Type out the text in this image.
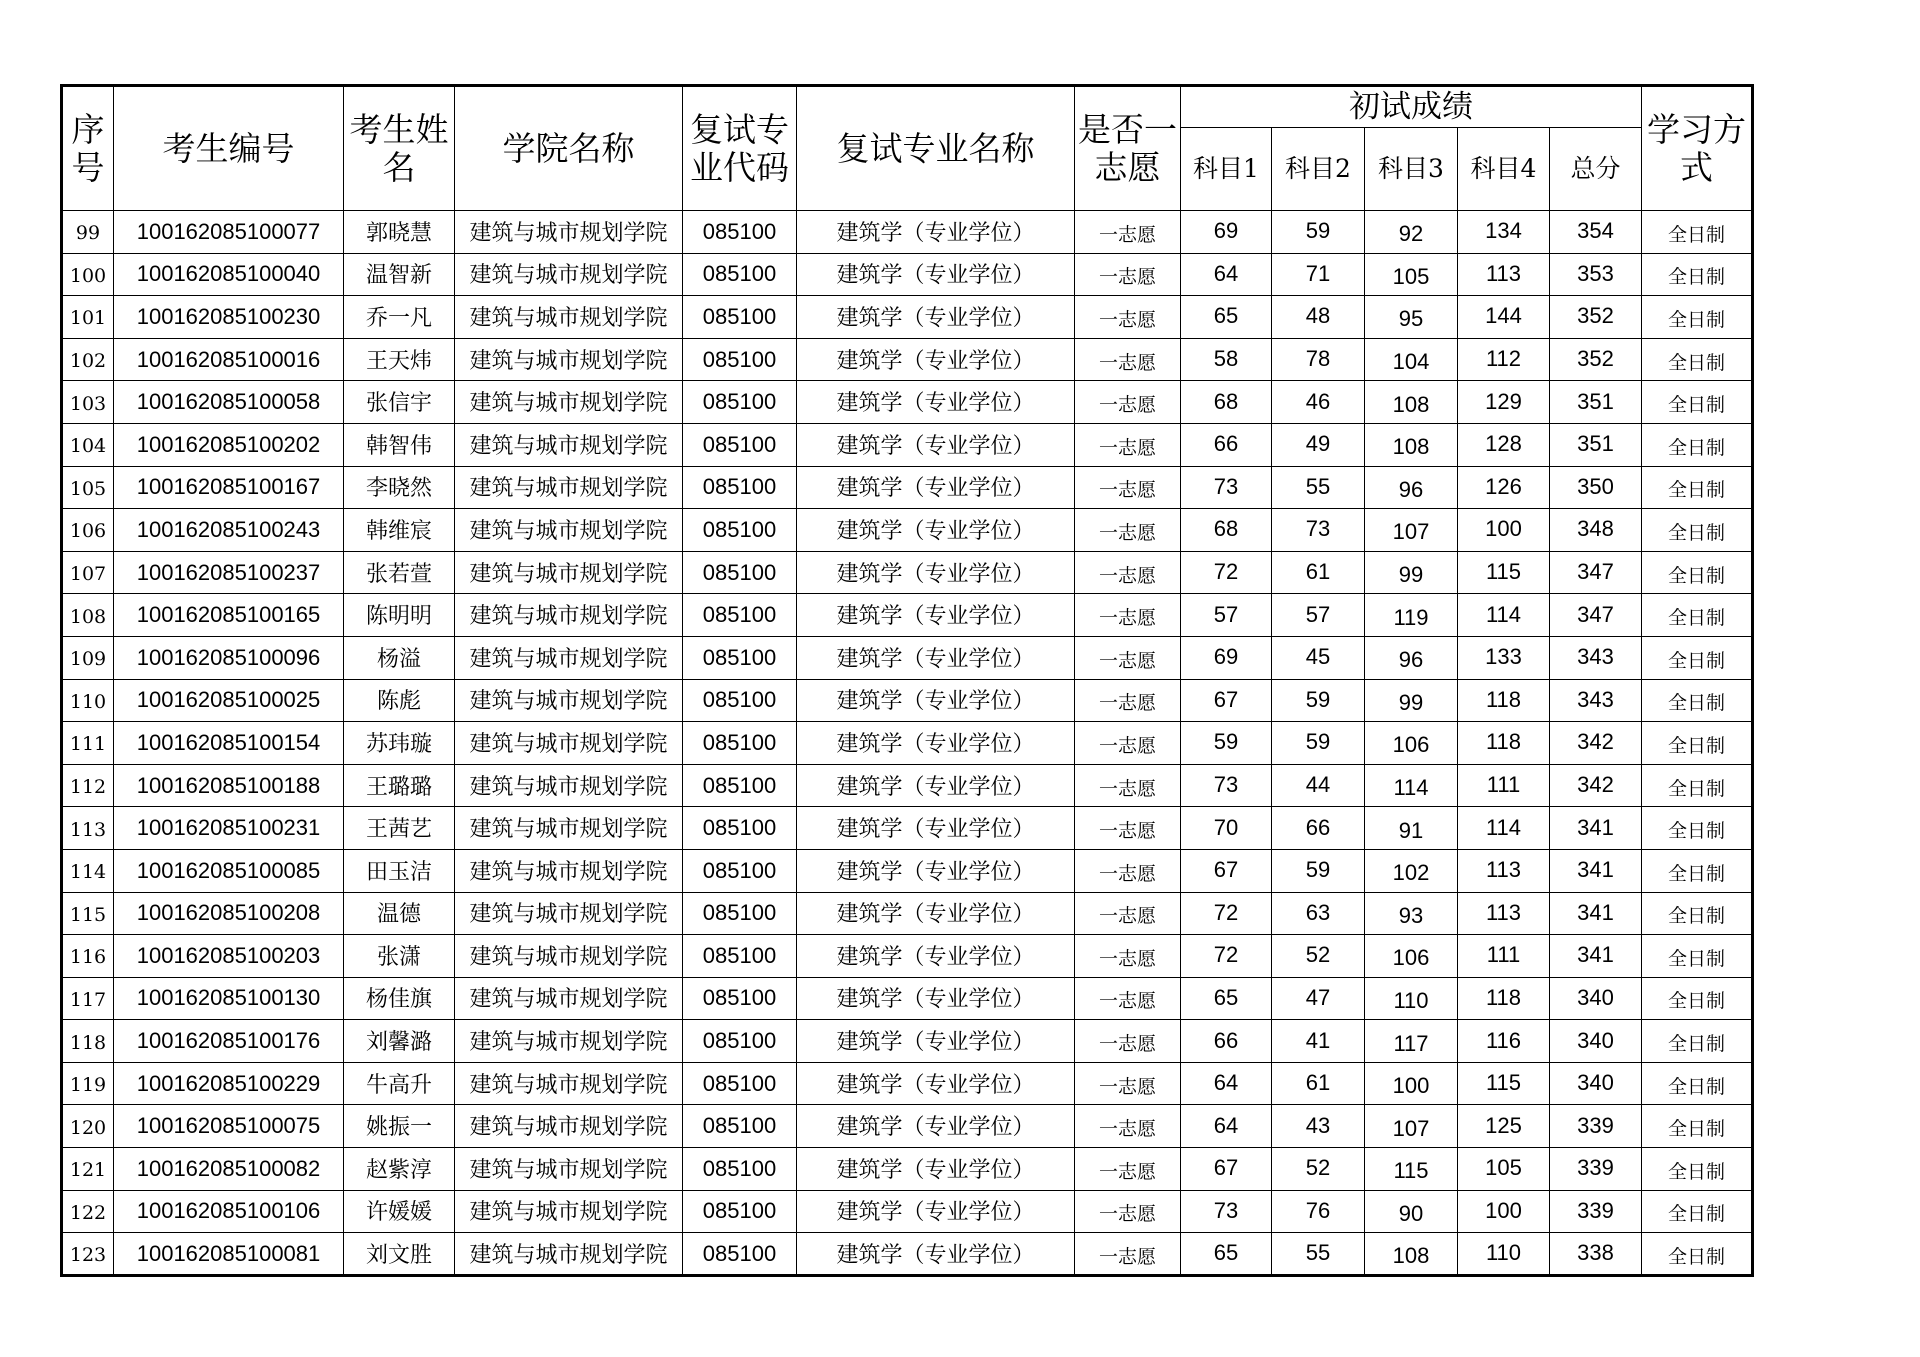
序号	考生编号	考生姓名	学院名称	复试专业代码	复试专业名称	是否一志愿	初试成绩					学习方式
							科目1	科目2	科目3	科目4	总分	
99	100162085100077	郭晓慧	建筑与城市规划学院	085100	建筑学（专业学位）	一志愿	69	59	92	134	354	全日制
100	100162085100040	温智新	建筑与城市规划学院	085100	建筑学（专业学位）	一志愿	64	71	105	113	353	全日制
101	100162085100230	乔一凡	建筑与城市规划学院	085100	建筑学（专业学位）	一志愿	65	48	95	144	352	全日制
102	100162085100016	王天炜	建筑与城市规划学院	085100	建筑学（专业学位）	一志愿	58	78	104	112	352	全日制
103	100162085100058	张信宇	建筑与城市规划学院	085100	建筑学（专业学位）	一志愿	68	46	108	129	351	全日制
104	100162085100202	韩智伟	建筑与城市规划学院	085100	建筑学（专业学位）	一志愿	66	49	108	128	351	全日制
105	100162085100167	李晓然	建筑与城市规划学院	085100	建筑学（专业学位）	一志愿	73	55	96	126	350	全日制
106	100162085100243	韩维宸	建筑与城市规划学院	085100	建筑学（专业学位）	一志愿	68	73	107	100	348	全日制
107	100162085100237	张若萱	建筑与城市规划学院	085100	建筑学（专业学位）	一志愿	72	61	99	115	347	全日制
108	100162085100165	陈明明	建筑与城市规划学院	085100	建筑学（专业学位）	一志愿	57	57	119	114	347	全日制
109	100162085100096	杨溢	建筑与城市规划学院	085100	建筑学（专业学位）	一志愿	69	45	96	133	343	全日制
110	100162085100025	陈彪	建筑与城市规划学院	085100	建筑学（专业学位）	一志愿	67	59	99	118	343	全日制
111	100162085100154	苏玮璇	建筑与城市规划学院	085100	建筑学（专业学位）	一志愿	59	59	106	118	342	全日制
112	100162085100188	王璐璐	建筑与城市规划学院	085100	建筑学（专业学位）	一志愿	73	44	114	111	342	全日制
113	100162085100231	王茜艺	建筑与城市规划学院	085100	建筑学（专业学位）	一志愿	70	66	91	114	341	全日制
114	100162085100085	田玉洁	建筑与城市规划学院	085100	建筑学（专业学位）	一志愿	67	59	102	113	341	全日制
115	100162085100208	温德	建筑与城市规划学院	085100	建筑学（专业学位）	一志愿	72	63	93	113	341	全日制
116	100162085100203	张潇	建筑与城市规划学院	085100	建筑学（专业学位）	一志愿	72	52	106	111	341	全日制
117	100162085100130	杨佳旗	建筑与城市规划学院	085100	建筑学（专业学位）	一志愿	65	47	110	118	340	全日制
118	100162085100176	刘馨潞	建筑与城市规划学院	085100	建筑学（专业学位）	一志愿	66	41	117	116	340	全日制
119	100162085100229	牛高升	建筑与城市规划学院	085100	建筑学（专业学位）	一志愿	64	61	100	115	340	全日制
120	100162085100075	姚振一	建筑与城市规划学院	085100	建筑学（专业学位）	一志愿	64	43	107	125	339	全日制
121	100162085100082	赵紫淳	建筑与城市规划学院	085100	建筑学（专业学位）	一志愿	67	52	115	105	339	全日制
122	100162085100106	许媛媛	建筑与城市规划学院	085100	建筑学（专业学位）	一志愿	73	76	90	100	339	全日制
123	100162085100081	刘文胜	建筑与城市规划学院	085100	建筑学（专业学位）	一志愿	65	55	108	110	338	全日制
